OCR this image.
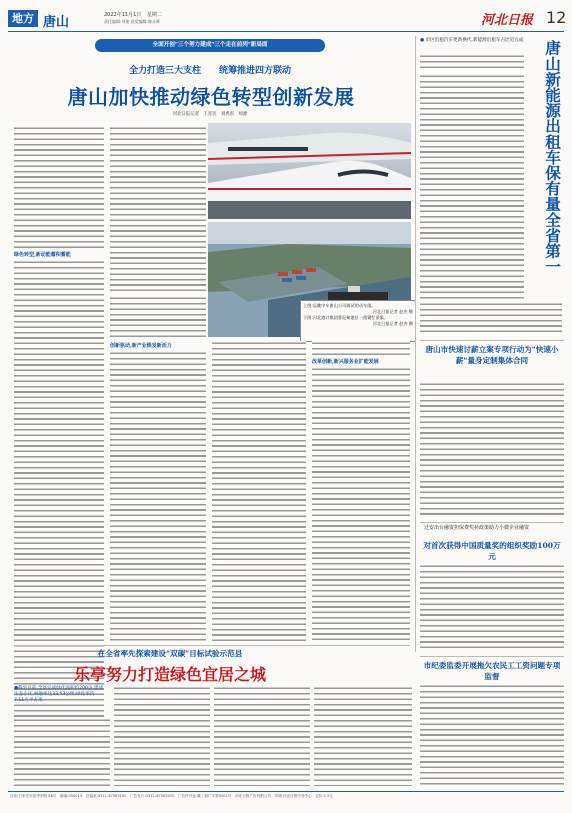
地方 唐山	2022年11月1日 星期二
责任编辑:刘斐 视觉编辑:韩永辉	河北日报 12
全面开创"三个努力建成"三个走在前列"新局面
全力打造三大支柱　　统筹推进四方联动
唐山加快推动绿色转型创新发展
河北日报记者　王育民　刘禹彤　师源
绿色转型,新动能蓄积蓄能
上图:远眺中车唐山公司调试的动车组。
河北日报记者 赵杰 摄
下图:河北港口集团曹妃甸港区一派繁忙景象。
河北日报记者 赵杰 摄
创新驱动,新产业焕发新活力
改革创新,新兴服务业扩能发展
● 市区出租汽车更新换代,新能源出租车占比近九成	唐山新能源出租车保有量全省第一
唐山市快速讨薪立案专项行动为"快速小薪"量身定制集体合同
迁安出台融资担保费奖补政策助力小微企业融资
对首次获得中国质量奖的组织奖励100万元
市纪委监委开展拖欠农民工工资问题专项监督
在全省率先探索建设"双碳"目标试验示范县
乐亭努力打造绿色宜居之城
●截至目前,全县完成绿化面积约200亩,建成生态小区,林地率达33.53公顷,绿化率约7.11万平方米
社址:石家庄市裕华东路 88号　邮编:050013　总编室:0311-67563100　广告发行:0311-67563370　广告许可证:冀工商广字第0001号　河北日报广告有限公司　印刷:河北日报印务中心　定价:1.5元
